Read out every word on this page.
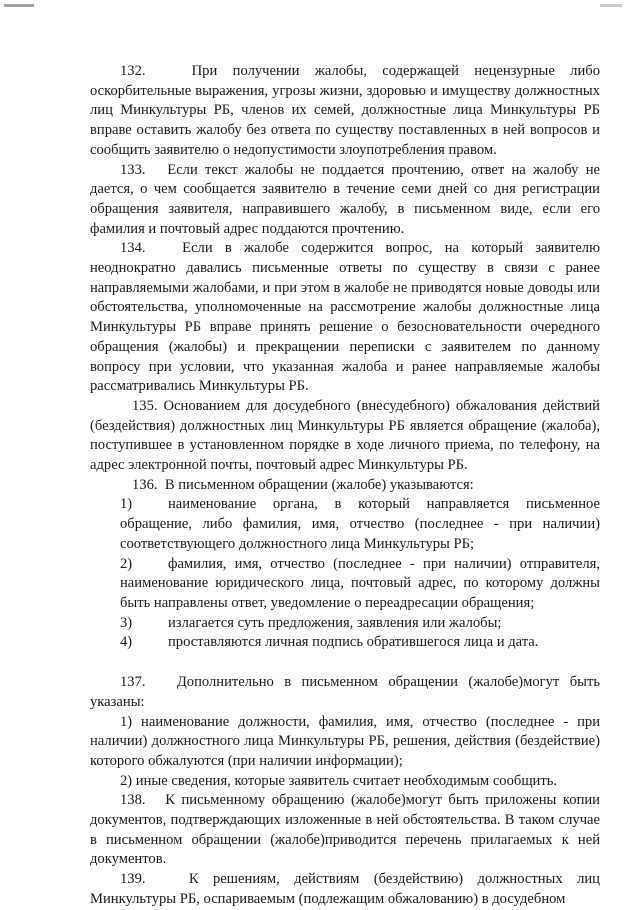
132.   При получении жалобы, содержащей нецензурные либо оскорбительные выражения, угрозы жизни, здоровью и имуществу должностных лиц Минкультуры РБ, членов их семей, должностные лица Минкультуры РБ вправе оставить жалобу без ответа по существу поставленных в ней вопросов и сообщить заявителю о недопустимости злоупотребления правом.

133.   Если текст жалобы не поддается прочтению, ответ на жалобу не дается, о чем сообщается заявителю в течение семи дней со дня регистрации обращения заявителя, направившего жалобу, в письменном виде, если его фамилия и почтовый адрес поддаются прочтению.

134.   Если в жалобе содержится вопрос, на который заявителю неоднократно давались письменные ответы по существу в связи с ранее направляемыми жалобами, и при этом в жалобе не приводятся новые доводы или обстоятельства, уполномоченные на рассмотрение жалобы должностные лица Минкультуры РБ вправе принять решение о безосновательности очередного обращения (жалобы) и прекращении переписки с заявителем по данному вопросу при условии, что указанная жалоба и ранее направляемые жалобы рассматривались Минкультуры РБ.

135. Основанием для досудебного (внесудебного) обжалования действий (бездействия) должностных лиц Минкультуры РБ является обращение (жалоба), поступившее в установленном порядке в ходе личного приема, по телефону, на адрес электронной почты, почтовый адрес Минкультуры РБ.

136.  В письменном обращении (жалобе) указываются:

1) наименование органа, в который направляется письменное обращение, либо фамилия, имя, отчество (последнее - при наличии) соответствующего должностного лица Минкультуры РБ;

2) фамилия, имя, отчество (последнее - при наличии) отправителя, наименование юридического лица, почтовый адрес, по которому должны быть направлены ответ, уведомление о переадресации обращения;

3) излагается суть предложения, заявления или жалобы;

4) проставляются личная подпись обратившегося лица и дата.

137.   Дополнительно в письменном обращении (жалобе)могут быть указаны:

1) наименование должности, фамилия, имя, отчество (последнее - при наличии) должностного лица Минкультуры РБ, решения, действия (бездействие) которого обжалуются (при наличии информации);

2) иные сведения, которые заявитель считает необходимым сообщить.

138.   К письменному обращению (жалобе)могут быть приложены копии документов, подтверждающих изложенные в ней обстоятельства. В таком случае в письменном обращении (жалобе)приводится перечень прилагаемых к ней документов.

139.   К решениям, действиям (бездействию) должностных лиц Минкультуры РБ, оспариваемым (подлежащим обжалованию) в досудебном
